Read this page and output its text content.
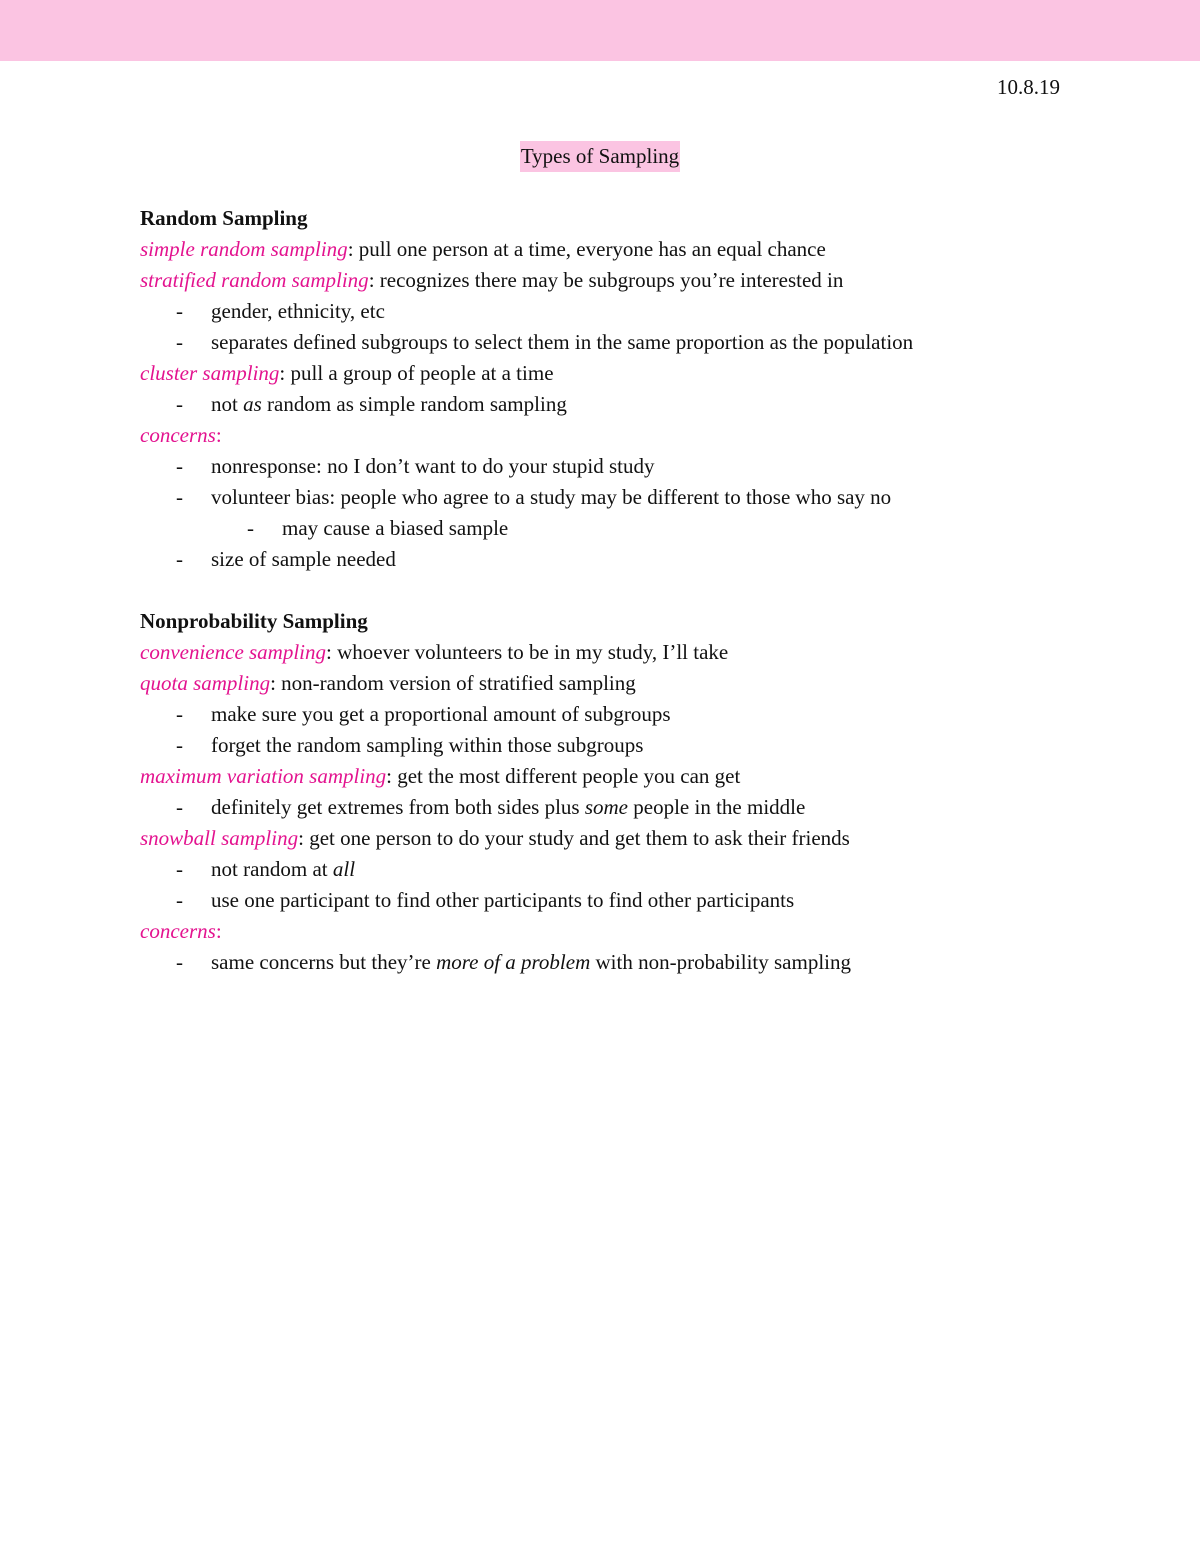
10.8.19
Types of Sampling
Random Sampling
simple random sampling: pull one person at a time, everyone has an equal chance
stratified random sampling: recognizes there may be subgroups you’re interested in
- gender, ethnicity, etc
- separates defined subgroups to select them in the same proportion as the population
cluster sampling: pull a group of people at a time
- not as random as simple random sampling
concerns:
- nonresponse: no I don’t want to do your stupid study
- volunteer bias: people who agree to a study may be different to those who say no
- may cause a biased sample
- size of sample needed
Nonprobability Sampling
convenience sampling: whoever volunteers to be in my study, I’ll take
quota sampling: non-random version of stratified sampling
- make sure you get a proportional amount of subgroups
- forget the random sampling within those subgroups
maximum variation sampling: get the most different people you can get
- definitely get extremes from both sides plus some people in the middle
snowball sampling: get one person to do your study and get them to ask their friends
- not random at all
- use one participant to find other participants to find other participants
concerns:
- same concerns but they’re more of a problem with non-probability sampling
